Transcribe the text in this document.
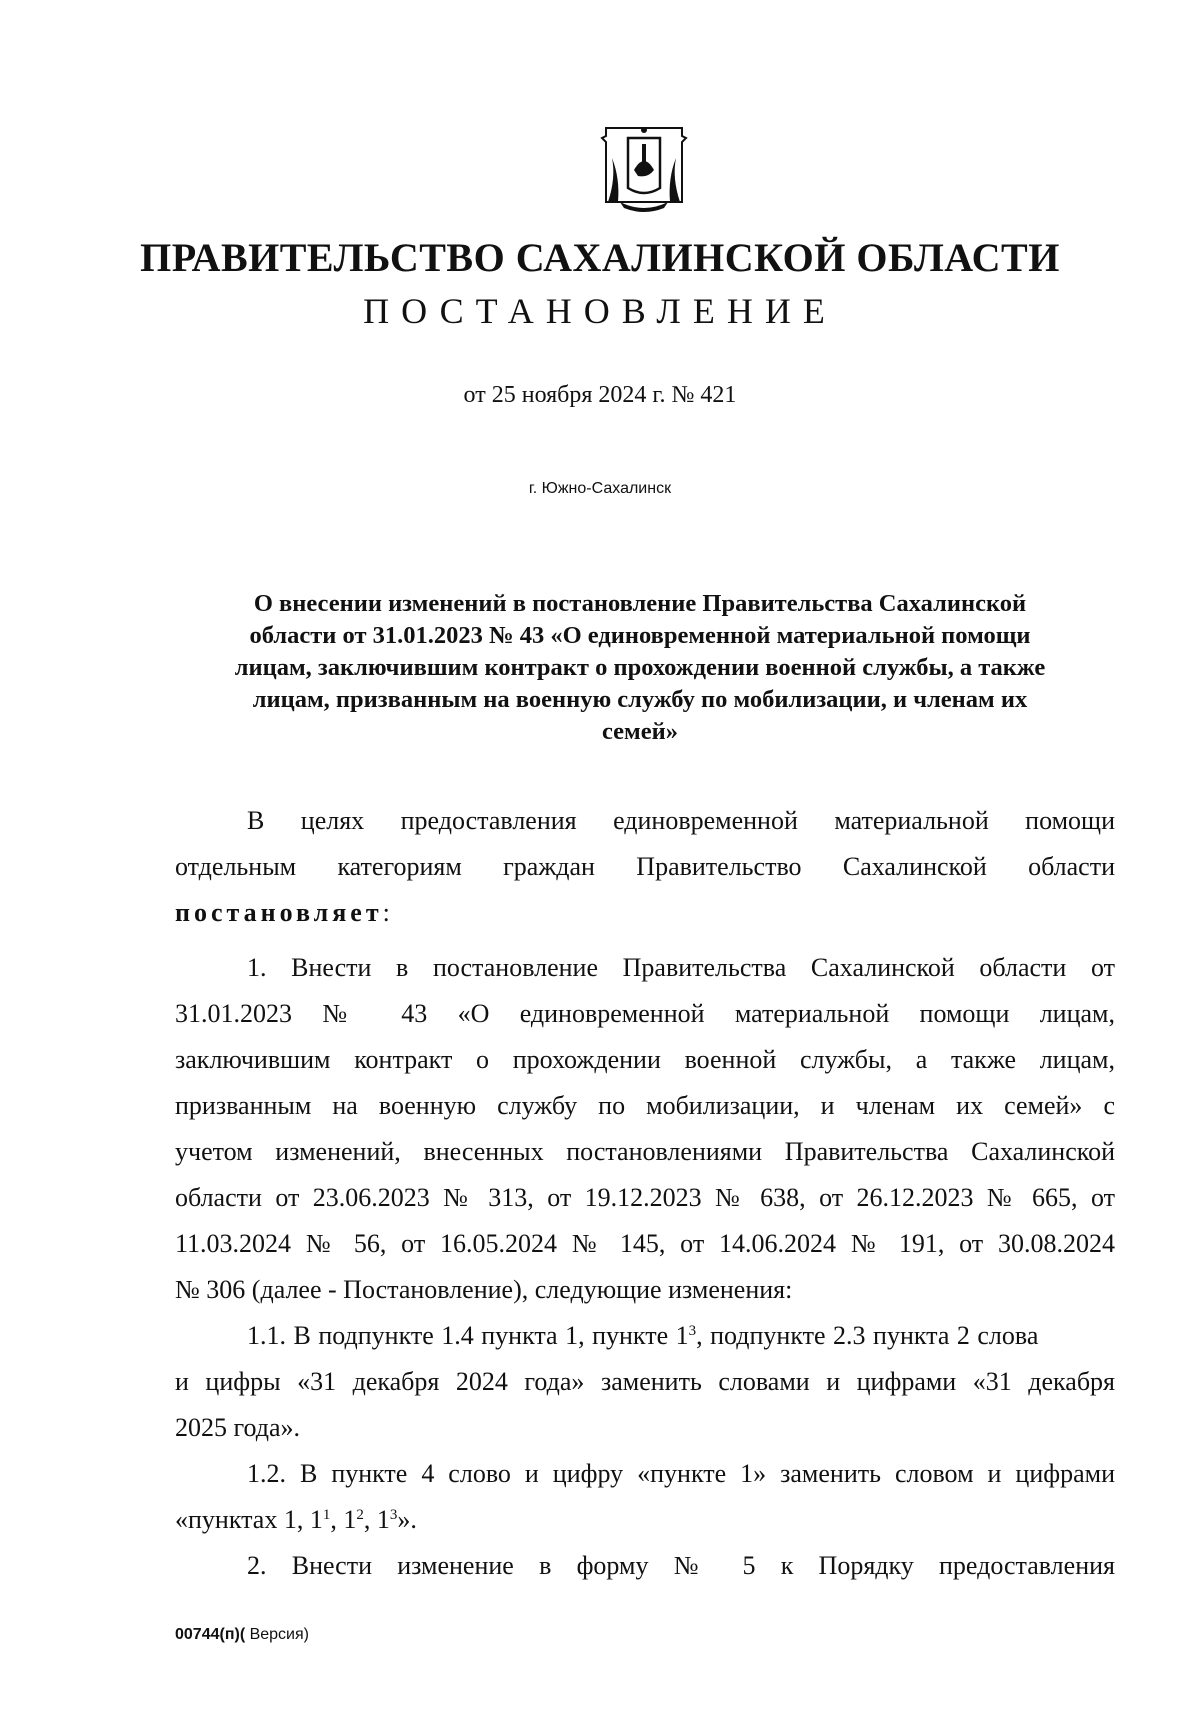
ПРАВИТЕЛЬСТВО САХАЛИНСКОЙ ОБЛАСТИ
ПОСТАНОВЛЕНИЕ
от 25 ноября 2024 г. № 421
г. Южно-Сахалинск
О внесении изменений в постановление Правительства Сахалинской
области от 31.01.2023 № 43 «О единовременной материальной помощи
лицам, заключившим контракт о прохождении военной службы, а также
лицам, призванным на военную службу по мобилизации, и членам их
семей»
В целях предоставления единовременной материальной помощи
отдельным категориям граждан Правительство Сахалинской области
постановляет:
1. Внести в постановление Правительства Сахалинской области от
31.01.2023 № 43 «О единовременной материальной помощи лицам,
заключившим контракт о прохождении военной службы, а также лицам,
призванным на военную службу по мобилизации, и членам их семей» с
учетом изменений, внесенных постановлениями Правительства Сахалинской
области от 23.06.2023 № 313, от 19.12.2023 № 638, от 26.12.2023 № 665, от
11.03.2024 № 56, от 16.05.2024 № 145, от 14.06.2024 № 191, от 30.08.2024
№ 306 (далее - Постановление), следующие изменения:
1.1. В подпункте 1.4 пункта 1, пункте $1^3$, подпункте 2.3 пункта 2 слова
и цифры «31 декабря 2024 года» заменить словами и цифрами «31 декабря
2025 года».
1.2. В пункте 4 слово и цифру «пункте 1» заменить словом и цифрами
«пунктах 1, $1^1$, $1^2$, $1^3$».
2. Внести изменение в форму № 5 к Порядку предоставления
00744(п)( Версия)
